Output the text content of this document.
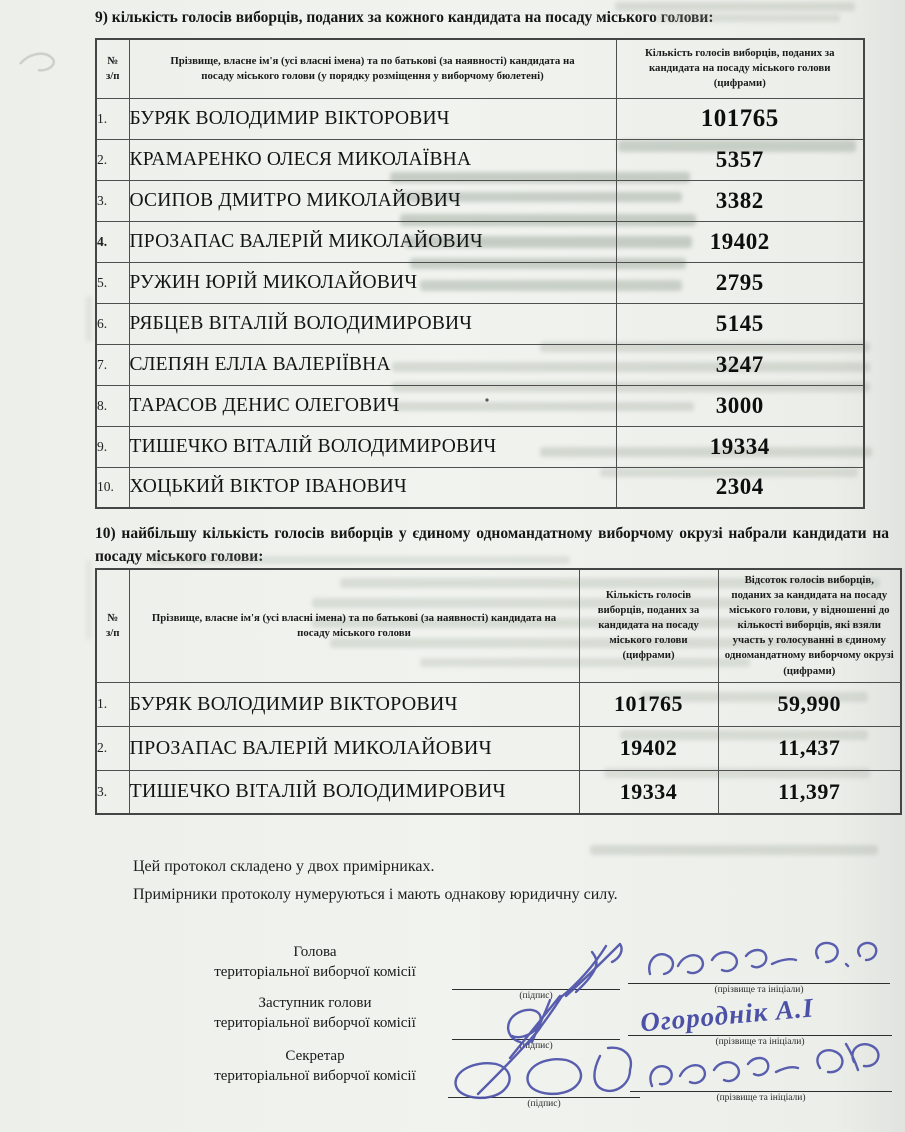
9) кількість голосів виборців, поданих за кожного кандидата на посаду міського голови:
№
з/п	Прізвище, власне ім'я (усі власні імена) та по батькові (за наявності) кандидата на посаду міського голови (у порядку розміщення у виборчому бюлетені)	Кількість голосів виборців, поданих за кандидата на посаду міського голови (цифрами)

1.	БУРЯК ВОЛОДИМИР ВІКТОРОВИЧ	101765
2.	КРАМАРЕНКО ОЛЕСЯ МИКОЛАЇВНА	5357
3.	ОСИПОВ ДМИТРО МИКОЛАЙОВИЧ	3382
4.	ПРОЗАПАС ВАЛЕРІЙ МИКОЛАЙОВИЧ	19402
5.	РУЖИН ЮРІЙ МИКОЛАЙОВИЧ	2795
6.	РЯБЦЕВ ВІТАЛІЙ ВОЛОДИМИРОВИЧ	5145
7.	СЛЕПЯН ЕЛЛА ВАЛЕРІЇВНА	3247
8.	ТАРАСОВ ДЕНИС ОЛЕГОВИЧ	3000
9.	ТИШЕЧКО ВІТАЛІЙ ВОЛОДИМИРОВИЧ	19334
10.	ХОЦЬКИЙ ВІКТОР ІВАНОВИЧ	2304
10) найбільшу кількість голосів виборців у єдиному одномандатному виборчому окрузі набрали кандидати на посаду міського голови:
№
з/п	Прізвище, власне ім'я (усі власні імена) та по батькові (за наявності) кандидата на посаду міського голови	Кількість голосів виборців, поданих за кандидата на посаду міського голови (цифрами)	Відсоток голосів виборців, поданих за кандидата на посаду міського голови, у відношенні до кількості виборців, які взяли участь у голосуванні в єдиному одномандатному виборчому окрузі (цифрами)

1.	БУРЯК ВОЛОДИМИР ВІКТОРОВИЧ	101765	59,990
2.	ПРОЗАПАС ВАЛЕРІЙ МИКОЛАЙОВИЧ	19402	11,437
3.	ТИШЕЧКО ВІТАЛІЙ ВОЛОДИМИРОВИЧ	19334	11,397
Цей протокол складено у двох примірниках.
Примірники протоколу нумеруються і мають однакову юридичну силу.
Голова
територіальної виборчої комісії
Заступник голови
територіальної виборчої комісії
Секретар
територіальної виборчої комісії
(підпис)
(прізвище та ініціали)
(підпис)	(прізвище та ініціали)
(підпис)
(прізвище та ініціали)
Огороднік А.І
